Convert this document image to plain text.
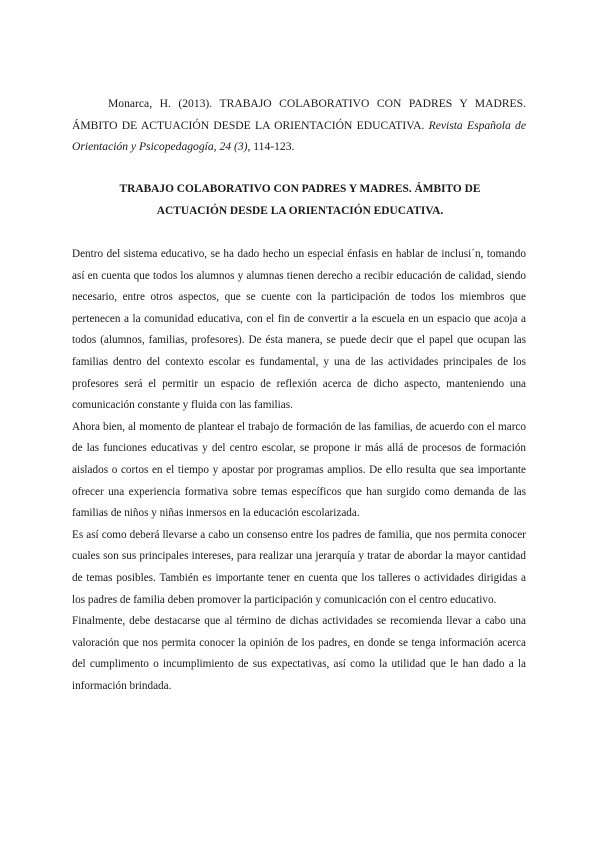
Monarca, H. (2013). TRABAJO COLABORATIVO CON PADRES Y MADRES. ÁMBITO DE ACTUACIÓN DESDE LA ORIENTACIÓN EDUCATIVA. Revista Española de Orientación y Psicopedagogía, 24 (3), 114-123.
TRABAJO COLABORATIVO CON PADRES Y MADRES. ÁMBITO DE
ACTUACIÓN DESDE LA ORIENTACIÓN EDUCATIVA.

Dentro del sistema educativo, se ha dado hecho un especial énfasis en hablar de inclusi´n, tomando así en cuenta que todos los alumnos y alumnas tienen derecho a recibir educación de calidad, siendo necesario, entre otros aspectos, que se cuente con la participación de todos los miembros que pertenecen a la comunidad educativa, con el fin de convertir a la escuela en un espacio que acoja a todos (alumnos, familias, profesores). De ésta manera, se puede decir que el papel que ocupan las familias dentro del contexto escolar es fundamental, y una de las actividades principales de los profesores será el permitir un espacio de reflexión acerca de dicho aspecto, manteniendo una comunicación constante y fluida con las familias.

Ahora bien, al momento de plantear el trabajo de formación de las familias, de acuerdo con el marco de las funciones educativas y del centro escolar, se propone ir más allá de procesos de formación aislados o cortos en el tiempo y apostar por programas amplios. De ello resulta que sea importante ofrecer una experiencia formativa sobre temas específicos que han surgido como demanda de las familias de niños y niñas inmersos en la educación escolarizada.

Es así como deberá llevarse a cabo un consenso entre los padres de familia, que nos permita conocer cuales son sus principales intereses, para realizar una jerarquía y tratar de abordar la mayor cantidad de temas posibles. También es importante tener en cuenta que los talleres o actividades dirigidas a los padres de familia deben promover la participación y comunicación con el centro educativo.

Finalmente, debe destacarse que al término de dichas actividades se recomienda llevar a cabo una valoración que nos permita conocer la opinión de los padres, en donde se tenga información acerca del cumplimento o incumplimiento de sus expectativas, así como la utilidad que le han dado a la información brindada.
